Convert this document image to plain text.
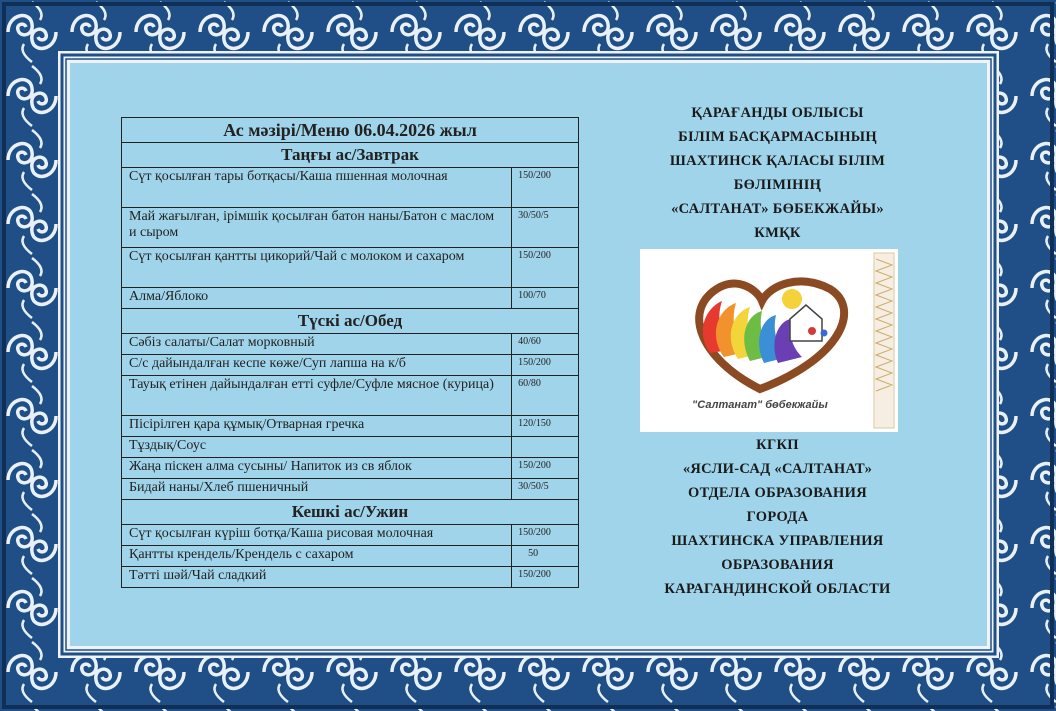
Ас мәзірі/Меню 06.04.2026 жыл	
Таңғы ас/Завтрак	
Сүт қосылған тары ботқасы/Каша пшенная молочная	150/200
Май жағылған, ірімшік қосылған батон наны/Батон с маслом и сыром	30/50/5
Сүт қосылған қантты цикорий/Чай с молоком и сахаром	150/200
Алма/Яблоко	100/70
Түскі ас/Обед	
Сәбіз салаты/Салат морковный	40/60
С/с дайындалған кеспе көже/Суп лапша на к/б	150/200
Тауық етінен дайындалған етті суфле/Суфле мясное (курица)	60/80
Пісірілген қара құмық/Отварная гречка	120/150
Тұздық/Соус	
Жаңа піскен алма сусыны/ Напиток из св яблок	150/200
Бидай наны/Хлеб пшеничный	30/50/5
Кешкі ас/Ужин	
Сүт қосылған күріш ботқа/Каша рисовая молочная	150/200
Қантты крендель/Крендель с сахаром	50
Тәтті шәй/Чай сладкий	150/200
ҚАРАҒАНДЫ ОБЛЫСЫ
БІЛІМ БАСҚАРМАСЫНЫҢ
ШАХТИНСК ҚАЛАСЫ БІЛІМ
БӨЛІМІНІҢ
«САЛТАНАТ» БӨБЕКЖАЙЫ»
КМҚК
"Салтанат" бөбекжайы
КГКП
«ЯСЛИ-САД «САЛТАНАТ»
ОТДЕЛА ОБРАЗОВАНИЯ
ГОРОДА
ШАХТИНСКА УПРАВЛЕНИЯ
ОБРАЗОВАНИЯ
КАРАГАНДИНСКОЙ ОБЛАСТИ
